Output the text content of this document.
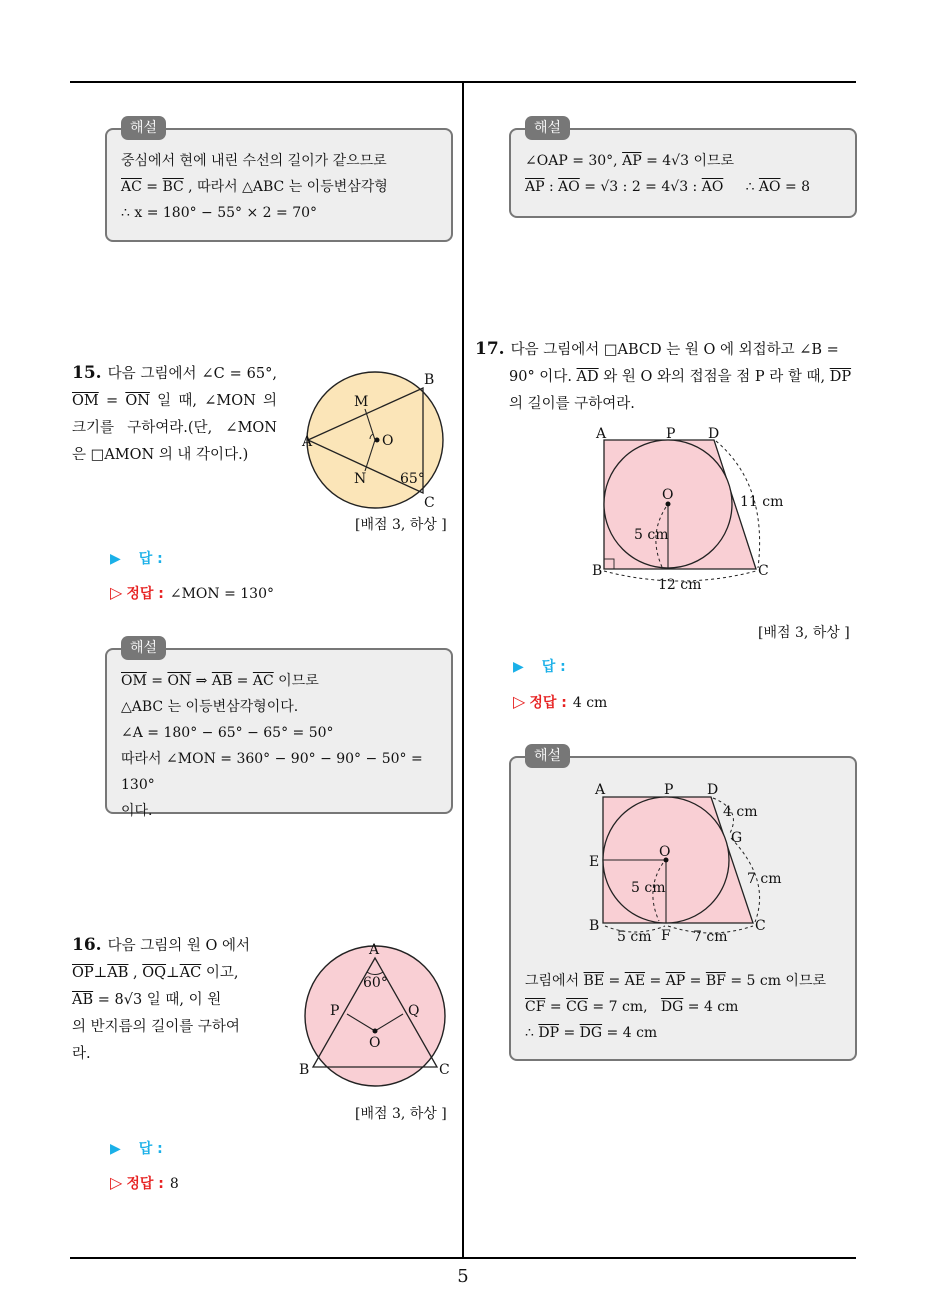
해설
중심에서 현에 내린 수선의 길이가 같으므로
$\overline{AC} = \overline{BC}$ , 따라서 △ABC 는 이등변삼각형
∴ x = 180° − 55° × 2 = 70°
15. 다음 그림에서 ∠C = 65°, $\overline{OM} = \overline{ON}$ 일 때, ∠MON 의 크기를 구하여라.(단, ∠MON 은 □AMON 의 내 각이다.)
A
B
C
M
N
O
65°
[배점 3, 하상 ]
▶ 답 :
▷ 정답 : ∠MON = 130°
해설
$\overline{OM} = \overline{ON}$ ⇒ $\overline{AB} = \overline{AC}$ 이므로
△ABC 는 이등변삼각형이다.
∠A = 180° − 65° − 65° = 50°
따라서 ∠MON = 360° − 90° − 90° − 50° = 130°
이다.
16. 다음 그림의 원 O 에서
$\overline{OP}\perp\overline{AB}$ , $\overline{OQ}\perp\overline{AC}$ 이고,
$\overline{AB} = 8√3$ 일 때, 이 원
의 반지름의 길이를 구하여
라.
A
B	C
P	Q
O
60°
[배점 3, 하상 ]
▶ 답 :
▷ 정답 : 8
해설
∠OAP = 30°, $\overline{AP} = 4√3$ 이므로
$\overline{AP}$ : $\overline{AO} = √3$ : 2 = 4√3 : $\overline{AO}$     ∴ $\overline{AO} = 8$
17. 다음 그림에서 □ABCD 는 원 O 에 외접하고 ∠B =
90° 이다. $\overline{AD}$ 와 원 O 와의 접점을 점 P 라 할 때, $\overline{DP}$
의 길이를 구하여라.
A	P D
O
B	C
5 cm
12 cm
11 cm
[배점 3, 하상 ]
▶ 답 :
▷ 정답 : 4 cm
해설
A	P D
G
E
O
B
F
C
4 cm
7 cm
5 cm
5 cm	7 cm
그림에서 $\overline{BE} = \overline{AE} = \overline{AP} = \overline{BF} = 5$ cm 이므로
$\overline{CF} = \overline{CG} = 7$ cm,   $\overline{DG} = 4$ cm
∴ $\overline{DP} = \overline{DG} = 4$ cm
5
